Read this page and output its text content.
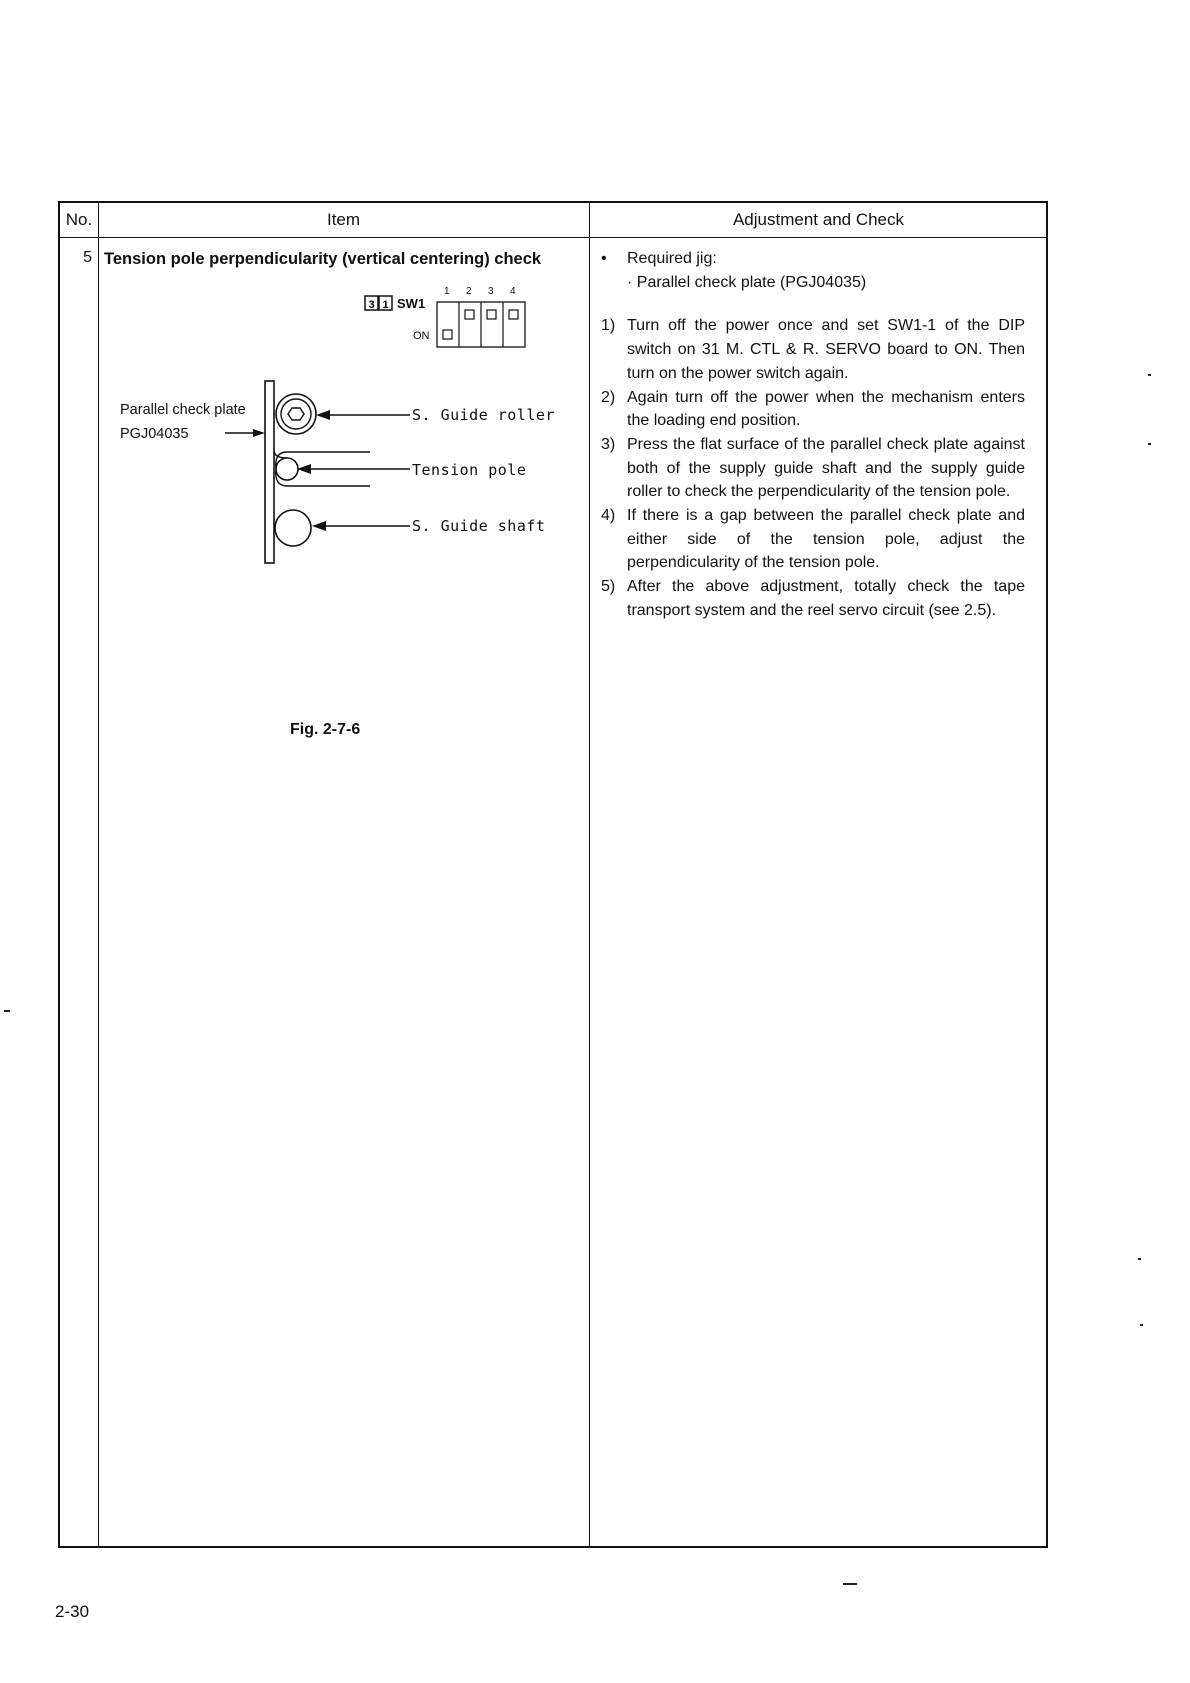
No.	Item	Adjustment and Check
5 Tension pole perpendicularity (vertical centering) check
3 1 SW1
1 2 3 4
ON
Parallel check plate
PGJ04035
S. Guide roller
Tension pole
S. Guide shaft
Fig. 2-7-6
•	Required jig:
· Parallel check plate (PGJ04035)
1) Turn off the power once and set SW1-1 of the DIP switch on 31 M. CTL & R. SERVO board to ON. Then turn on the power switch again.
2) Again turn off the power when the mechanism enters the loading end position.
3) Press the flat surface of the parallel check plate against both of the supply guide shaft and the supply guide roller to check the perpendicularity of the tension pole.
4) If there is a gap between the parallel check plate and either side of the tension pole, adjust the perpendicularity of the tension pole.
5) After the above adjustment, totally check the tape transport system and the reel servo circuit (see 2.5).
2-30
